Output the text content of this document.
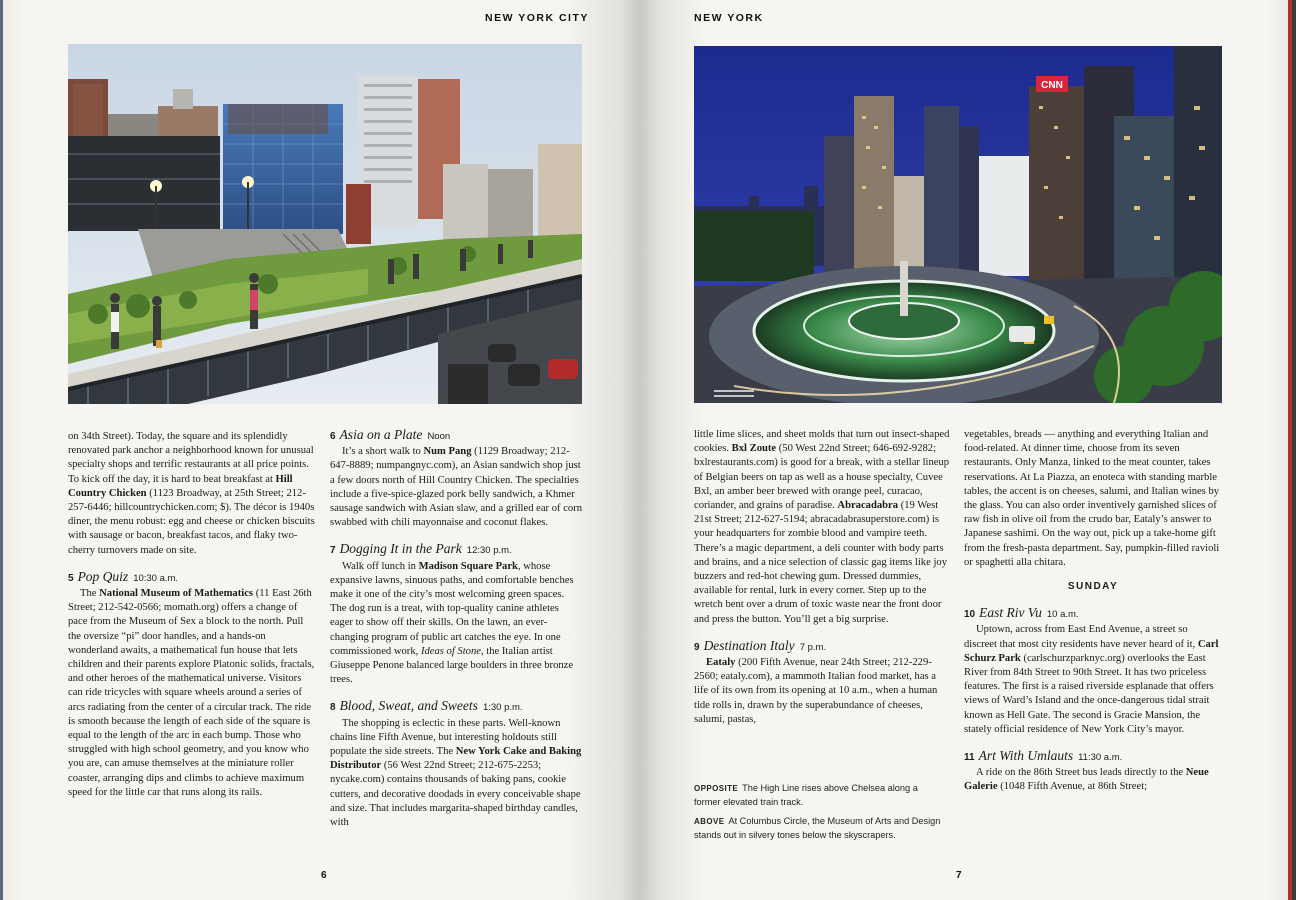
NEW YORK CITY

on 34th Street). Today, the square and its splendidly renovated park anchor a neighborhood known for unusual specialty shops and terrific restaurants at all price points. To kick off the day, it is hard to beat breakfast at Hill Country Chicken (1123 Broadway, at 25th Street; 212-257-6446; hillcountrychicken.com; $). The décor is 1940s diner, the menu robust: egg and cheese or chicken biscuits with sausage or bacon, breakfast tacos, and flaky two-cherry turnovers made on site.

5 Pop Quiz 10:30 a.m.

The National Museum of Mathematics (11 East 26th Street; 212-542-0566; momath.org) offers a change of pace from the Museum of Sex a block to the north. Pull the oversize “pi” door handles, and a hands-on wonderland awaits, a mathematical fun house that lets children and their parents explore Platonic solids, fractals, and other heroes of the mathematical universe. Visitors can ride tricycles with square wheels around a series of arcs radiating from the center of a circular track. The ride is smooth because the length of each side of the square is equal to the length of the arc in each bump. Those who struggled with high school geometry, and you know who you are, can amuse themselves at the miniature roller coaster, arranging dips and climbs to achieve maximum speed for the little car that runs along its rails.

6 Asia on a Plate Noon

It’s a short walk to Num Pang (1129 Broadway; 212-647-8889; numpangnyc.com), an Asian sandwich shop just a few doors north of Hill Country Chicken. The specialties include a five-spice-glazed pork belly sandwich, a Khmer sausage sandwich with Asian slaw, and a grilled ear of corn swabbed with chili mayonnaise and coconut flakes.

7 Dogging It in the Park 12:30 p.m.

Walk off lunch in Madison Square Park, whose expansive lawns, sinuous paths, and comfortable benches make it one of the city’s most welcoming green spaces. The dog run is a treat, with top-quality canine athletes eager to show off their skills. On the lawn, an ever-changing program of public art catches the eye. In one commissioned work, Ideas of Stone, the Italian artist Giuseppe Penone balanced large boulders in three bronze trees.

8 Blood, Sweat, and Sweets 1:30 p.m.

The shopping is eclectic in these parts. Well-known chains line Fifth Avenue, but interesting holdouts still populate the side streets. The New York Cake and Baking Distributor (56 West 22nd Street; 212-675-2253; nycake.com) contains thousands of baking pans, cookie cutters, and decorative doodads in every conceivable shape and size. That includes margarita-shaped birthday candles, with

6
NEW YORK
CNN

little lime slices, and sheet molds that turn out insect-shaped cookies. Bxl Zoute (50 West 22nd Street; 646-692-9282; bxlrestaurants.com) is good for a break, with a stellar lineup of Belgian beers on tap as well as a house specialty, Cuvee Bxl, an amber beer brewed with orange peel, curacao, coriander, and grains of paradise. Abracadabra (19 West 21st Street; 212-627-5194; abracadabrasuperstore.com) is your headquarters for zombie blood and vampire teeth. There’s a magic department, a deli counter with body parts and brains, and a nice selection of classic gag items like joy buzzers and red-hot chewing gum. Dressed dummies, available for rental, lurk in every corner. Step up to the wretch bent over a drum of toxic waste near the front door and press the button. You’ll get a big surprise.

9 Destination Italy 7 p.m.

Eataly (200 Fifth Avenue, near 24th Street; 212-229-2560; eataly.com), a mammoth Italian food market, has a life of its own from its opening at 10 a.m., when a human tide rolls in, drawn by the superabundance of cheeses, salumi, pastas,

OPPOSITE The High Line rises above Chelsea along a former elevated train track.
ABOVE At Columbus Circle, the Museum of Arts and Design stands out in silvery tones below the skyscrapers.

vegetables, breads — anything and everything Italian and food-related. At dinner time, choose from its seven restaurants. Only Manza, linked to the meat counter, takes reservations. At La Piazza, an enoteca with standing marble tables, the accent is on cheeses, salumi, and Italian wines by the glass. You can also order inventively garnished slices of raw fish in olive oil from the crudo bar, Eataly’s answer to Japanese sashimi. On the way out, pick up a take-home gift from the fresh-pasta department. Say, pumpkin-filled ravioli or spaghetti alla chitara.

SUNDAY
10 East Riv Vu 10 a.m.

Uptown, across from East End Avenue, a street so discreet that most city residents have never heard of it, Carl Schurz Park (carlschurzparknyc.org) overlooks the East River from 84th Street to 90th Street. It has two priceless features. The first is a raised riverside esplanade that offers views of Ward’s Island and the once-dangerous tidal strait known as Hell Gate. The second is Gracie Mansion, the stately official residence of New York City’s mayor.

11 Art With Umlauts 11:30 a.m.

A ride on the 86th Street bus leads directly to the Neue Galerie (1048 Fifth Avenue, at 86th Street;

7
